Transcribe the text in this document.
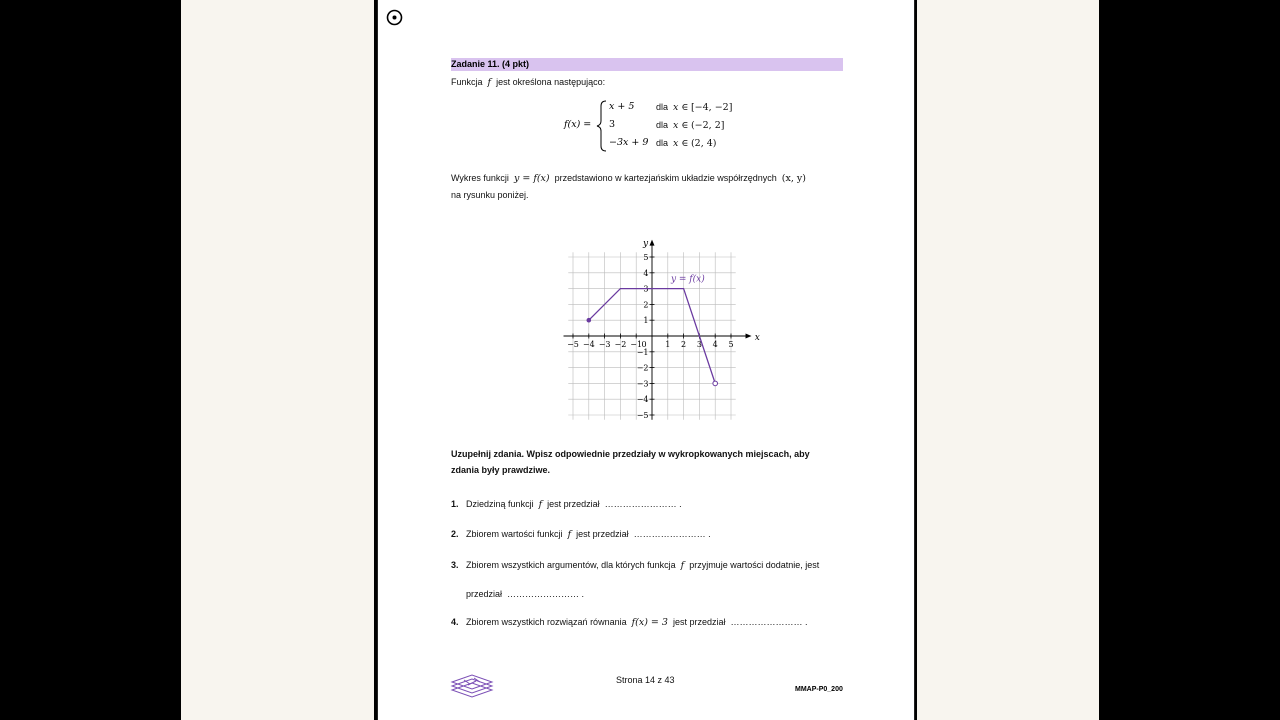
Zadanie 11. (4 pkt)
Funkcja f jest określona następująco:
f(x) =
x + 5
3
−3x + 9
dla x ∈ [−4, −2]
dla x ∈ (−2, 2]
dla x ∈ (2, 4)
Wykres funkcji y = f(x) przedstawiono w kartezjańskim układzie współrzędnych (x, y)
na rysunku poniżej.
x
y
−5 −4 −3 −2 −1 0 1 2 3 4 5
5
4
3
2
1
−1
−2
−3
−4
−5
y = f(x)
Uzupełnij zdania. Wpisz odpowiednie przedziały w wykropkowanych miejscach, aby
zdania były prawdziwe.
1. Dziedziną funkcji f jest przedział …………………… .
2. Zbiorem wartości funkcji f jest przedział …………………… .
3. Zbiorem wszystkich argumentów, dla których funkcja f przyjmuje wartości dodatnie, jest
przedział …………………… .
4. Zbiorem wszystkich rozwiązań równania f(x) = 3 jest przedział …………………… .
Strona 14 z 43
MMAP-P0_200
